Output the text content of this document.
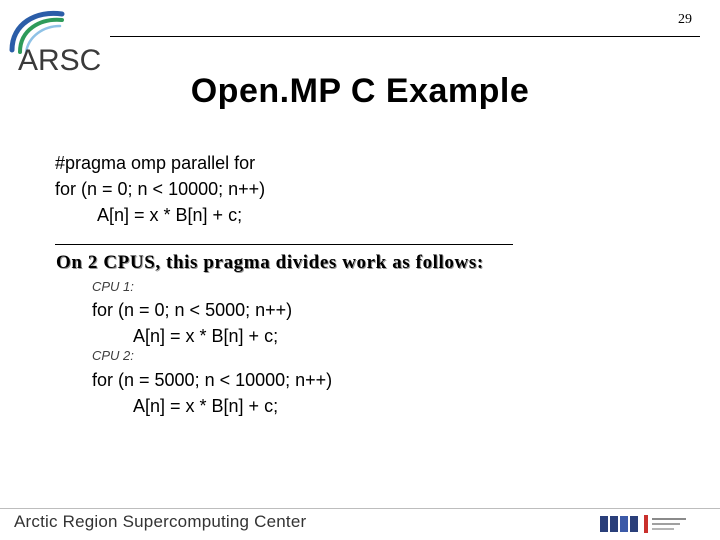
29
ARSC
Open.MP C Example
#pragma omp parallel for
for (n = 0; n < 10000; n++)
A[n] = x * B[n] + c;
On 2 CPUS, this pragma divides work as follows:
CPU 1:
for (n = 0; n < 5000; n++)
A[n] = x * B[n] + c;
CPU 2:
for (n = 5000; n < 10000; n++)
A[n] = x * B[n] + c;
Arctic Region Supercomputing Center
